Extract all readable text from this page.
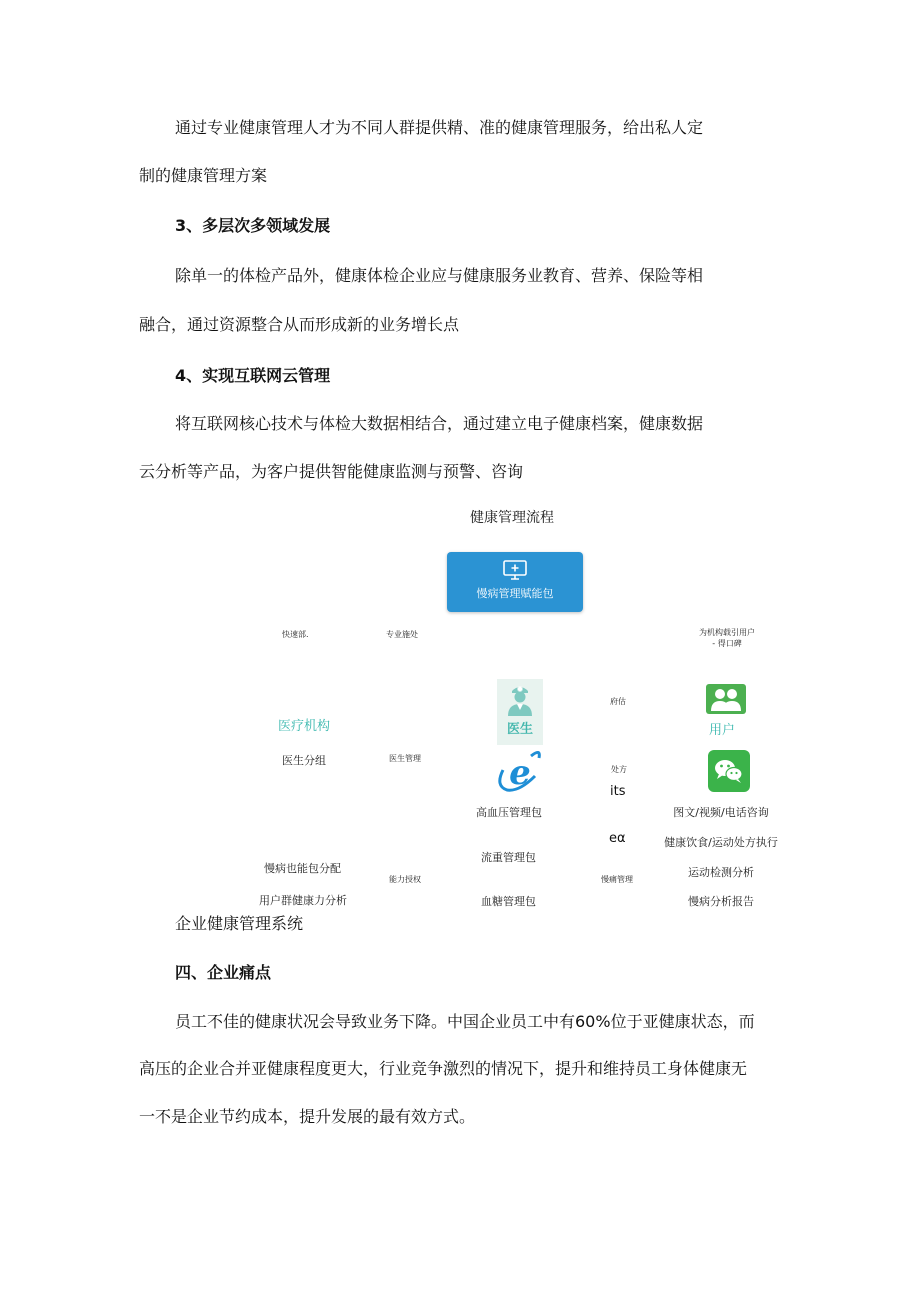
通过专业健康管理人才为不同人群提供精、准的健康管理服务，给出私人定
制的健康管理方案
3、多层次多领域发展
除单一的体检产品外，健康体检企业应与健康服务业教育、营养、保险等相
融合，通过资源整合从而形成新的业务增长点
4、实现互联网云管理
将互联网核心技术与体检大数据相结合，通过建立电子健康档案，健康数据
云分析等产品，为客户提供智能健康监测与预警、咨询
健康管理流程
慢病管理赋能包
快速部.	专业施处	为机构载引用户
- 得口碑
医生
府估
用户
医疗机构
医生分组	医生管理	e	处方
its
高血压管理包	图文/视频/电话咨询
eα	健康饮食/运动处方执行
流重管理包
慢病也能包分配	运动检测分析
能力授权	慢痛管理
用户群健康力分析	血糖管理包	慢病分析报告
企业健康管理系统
四、企业痛点
员工不佳的健康状况会导致业务下降。中国企业员工中有60%位于亚健康状态，而
高压的企业合并亚健康程度更大，行业竞争激烈的情况下，提升和维持员工身体健康无
一不是企业节约成本，提升发展的最有效方式。
